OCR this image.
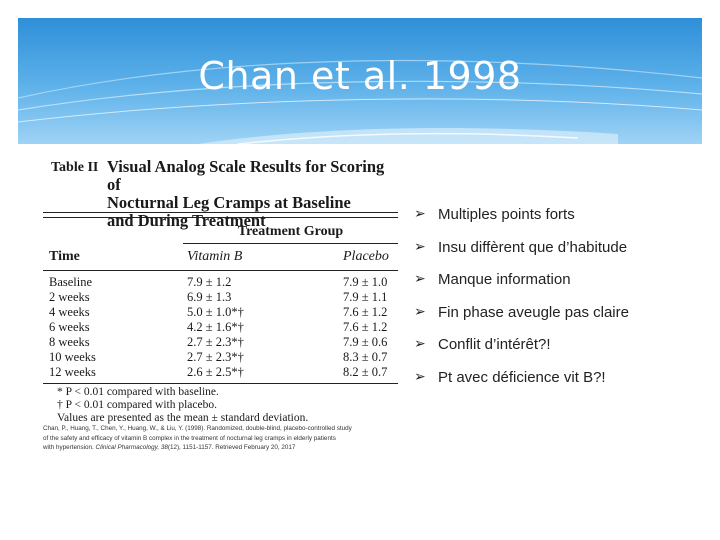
Chan et al. 1998
Table II Visual Analog Scale Results for Scoring of
Nocturnal Leg Cramps at Baseline
and During Treatment
Treatment Group
Time	Vitamin B	Placebo
Baseline	7.9 ± 1.2	7.9 ± 1.0
2 weeks	6.9 ± 1.3	7.9 ± 1.1
4 weeks	5.0 ± 1.0*†	7.6 ± 1.2
6 weeks	4.2 ± 1.6*†	7.6 ± 1.2
8 weeks	2.7 ± 2.3*†	7.9 ± 0.6
10 weeks	2.7 ± 2.3*†	8.3 ± 0.7
12 weeks	2.6 ± 2.5*†	8.2 ± 0.7
* P < 0.01 compared with baseline.
† P < 0.01 compared with placebo.
Values are presented as the mean ± standard deviation.
Chan, P., Huang, T., Chen, Y., Huang, W., & Liu, Y. (1998). Randomized, double-blind, placebo-controlled study
of the safety and efficacy of vitamin B complex in the treatment of nocturnal leg cramps in elderly patients
with hypertension. Clinical Pharmacology, 38(12), 1151-1157. Retrieved February 20, 2017
➢ Multiples points forts
➢ Insu diffèrent que d’habitude
➢ Manque information
➢ Fin phase aveugle pas claire
➢ Conflit d’intérêt?!
➢ Pt avec déficience vit B?!
